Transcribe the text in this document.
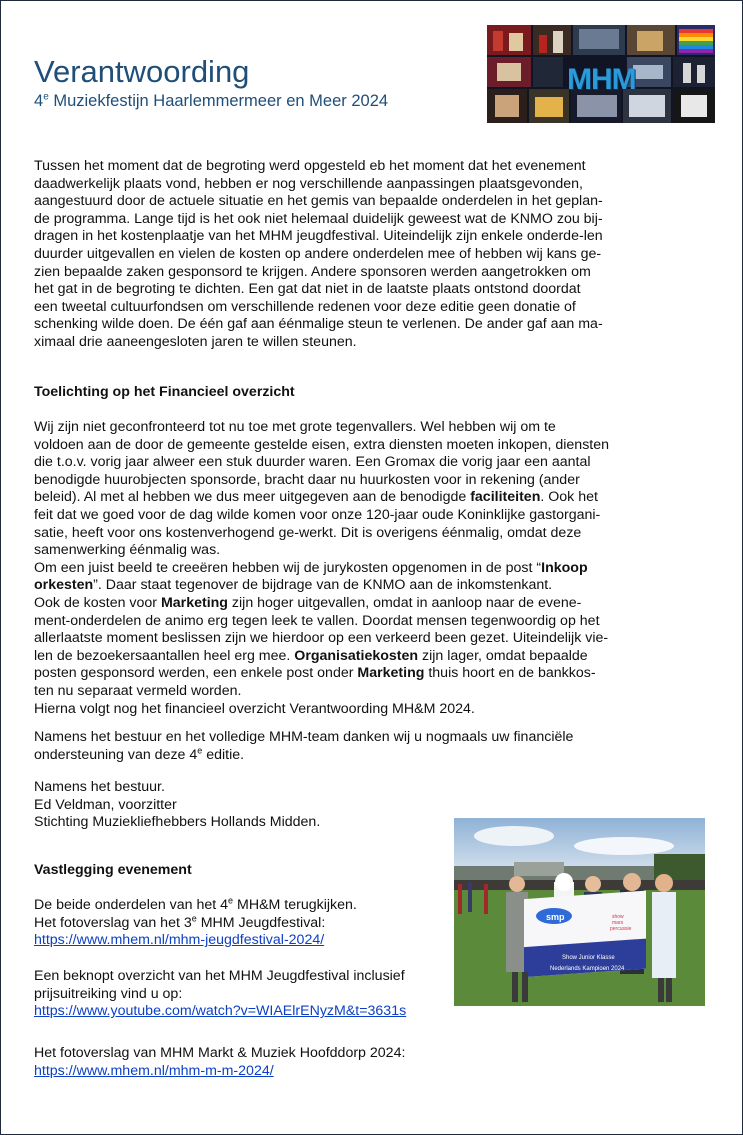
Verantwoording
4e Muziekfestijn Haarlemmermeer en Meer 2024
MHM
Tussen het moment dat de begroting werd opgesteld eb het moment dat het evenement
daadwerkelijk plaats vond, hebben er nog verschillende aanpassingen plaatsgevonden,
aangestuurd door de actuele situatie en het gemis van bepaalde onderdelen in het geplan-
de programma. Lange tijd is het ook niet helemaal duidelijk geweest wat de KNMO zou bij-
dragen in het kostenplaatje van het MHM jeugdfestival. Uiteindelijk zijn enkele onderde-len
duurder uitgevallen en vielen de kosten op andere onderdelen mee of hebben wij kans ge-
zien bepaalde zaken gesponsord te krijgen. Andere sponsoren werden aangetrokken om
het gat in de begroting te dichten. Een gat dat niet in de laatste plaats ontstond doordat
een tweetal cultuurfondsen om verschillende redenen voor deze editie geen donatie of
schenking wilde doen. De één gaf aan éénmalige steun te verlenen. De ander gaf aan ma-
ximaal drie aaneengesloten jaren te willen steunen.
Toelichting op het Financieel overzicht
Wij zijn niet geconfronteerd tot nu toe met grote tegenvallers. Wel hebben wij om te
voldoen aan de door de gemeente gestelde eisen, extra diensten moeten inkopen, diensten
die t.o.v. vorig jaar alweer een stuk duurder waren. Een Gromax die vorig jaar een aantal
benodigde huurobjecten sponsorde, bracht daar nu huurkosten voor in rekening (ander
beleid). Al met al hebben we dus meer uitgegeven aan de benodigde faciliteiten. Ook het
feit dat we goed voor de dag wilde komen voor onze 120-jaar oude Koninklijke gastorgani-
satie, heeft voor ons kostenverhogend ge-werkt. Dit is overigens éénmalig, omdat deze
samenwerking éénmalig was.
Om een juist beeld te creeëren hebben wij de jurykosten opgenomen in de post “Inkoop
orkesten”. Daar staat tegenover de bijdrage van de KNMO aan de inkomstenkant.
Ook de kosten voor Marketing zijn hoger uitgevallen, omdat in aanloop naar de evene-
ment-onderdelen de animo erg tegen leek te vallen. Doordat mensen tegenwoordig op het
allerlaatste moment beslissen zijn we hierdoor op een verkeerd been gezet. Uiteindelijk vie-
len de bezoekersaantallen heel erg mee. Organisatiekosten zijn lager, omdat bepaalde
posten gesponsord werden, een enkele post onder Marketing thuis hoort en de bankkos-
ten nu separaat vermeld worden.
Hierna volgt nog het financieel overzicht Verantwoording MH&M 2024.
Namens het bestuur en het volledige MHM-team danken wij u nogmaals uw financiële
ondersteuning van deze 4e editie.
Namens het bestuur.
Ed Veldman, voorzitter
Stichting Muziekliefhebbers Hollands Midden.
Vastlegging evenement
De beide onderdelen van het 4e MH&M terugkijken.
Het fotoverslag van het 3e MHM Jeugdfestival:
https://www.mhem.nl/mhm-jeugdfestival-2024/
Een beknopt overzicht van het MHM Jeugdfestival inclusief
prijsuitreiking vind u op:
https://www.youtube.com/watch?v=WIAElrENyzM&t=3631s
Het fotoverslag van MHM Markt & Muziek Hoofddorp 2024:
https://www.mhem.nl/mhm-m-m-2024/
smp	show
mars
percussie
Show Junior Klasse
Nederlands Kampioen 2024
